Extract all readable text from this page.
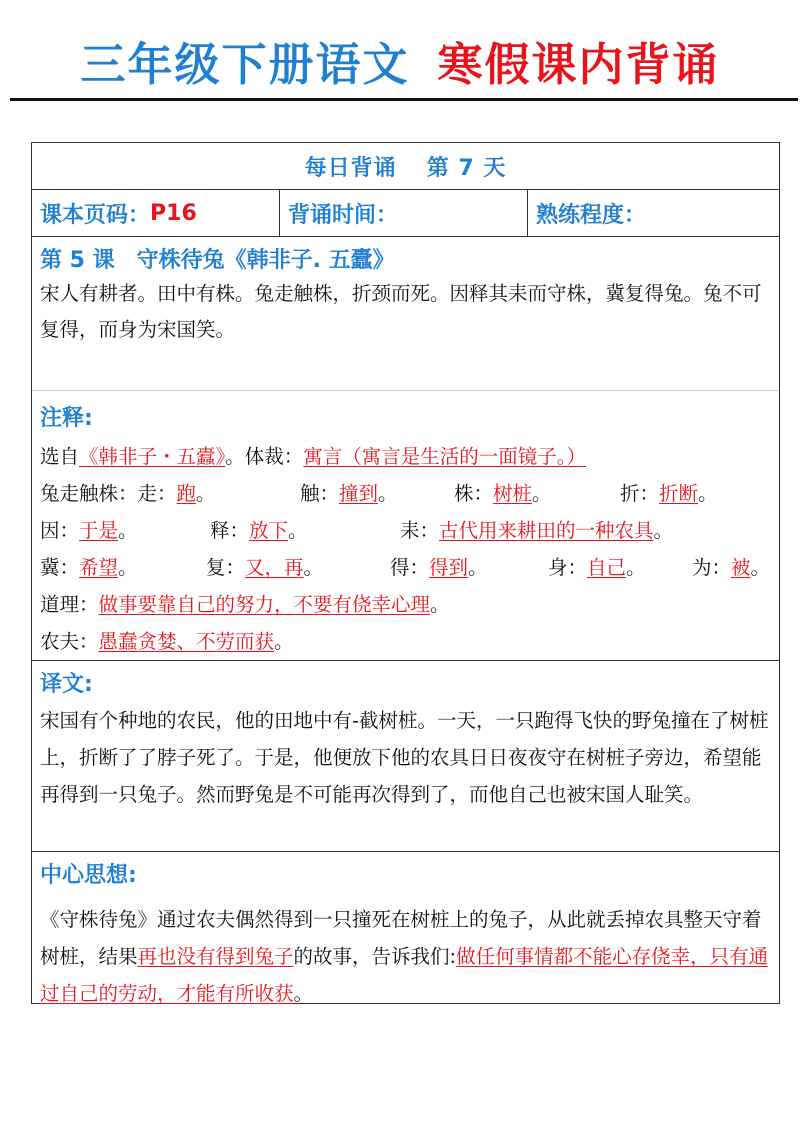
三年级下册语文 寒假课内背诵
每日背诵 第 7 天
课本页码： P16	背诵时间：	熟练程度：
第 5 课　守株待兔《韩非子. 五蠹》
宋人有耕者。田中有株。兔走触株，折颈而死。因释其耒而守株，冀复得兔。兔不可复得，而身为宋国笑。
注释:
选自《韩非子・五蠹》。体裁：寓言（寓言是生活的一面镜子。）
兔走触株：走：跑。	触：撞到。	株：树桩。	折：折断。
因：于是。	释：放下。	耒：古代用来耕田的一种农具。
冀：希望。	复：又，再。	得：得到。	身：自己。 为：被。
道理：做事要靠自己的努力，不要有侥幸心理。
农夫：愚蠢贪婪、不劳而获。
译文:
宋国有个种地的农民，他的田地中有-截树桩。一天，一只跑得飞快的野兔撞在了树桩上，折断了了脖子死了。于是，他便放下他的农具日日夜夜守在树桩子旁边，希望能再得到一只兔子。然而野兔是不可能再次得到了，而他自己也被宋国人耻笑。
中心思想:
《守株待兔》通过农夫偶然得到一只撞死在树桩上的兔子，从此就丢掉农具整天守着树桩，结果再也没有得到兔子的故事，告诉我们:做任何事情都不能心存侥幸，只有通过自己的劳动，才能有所收获。
